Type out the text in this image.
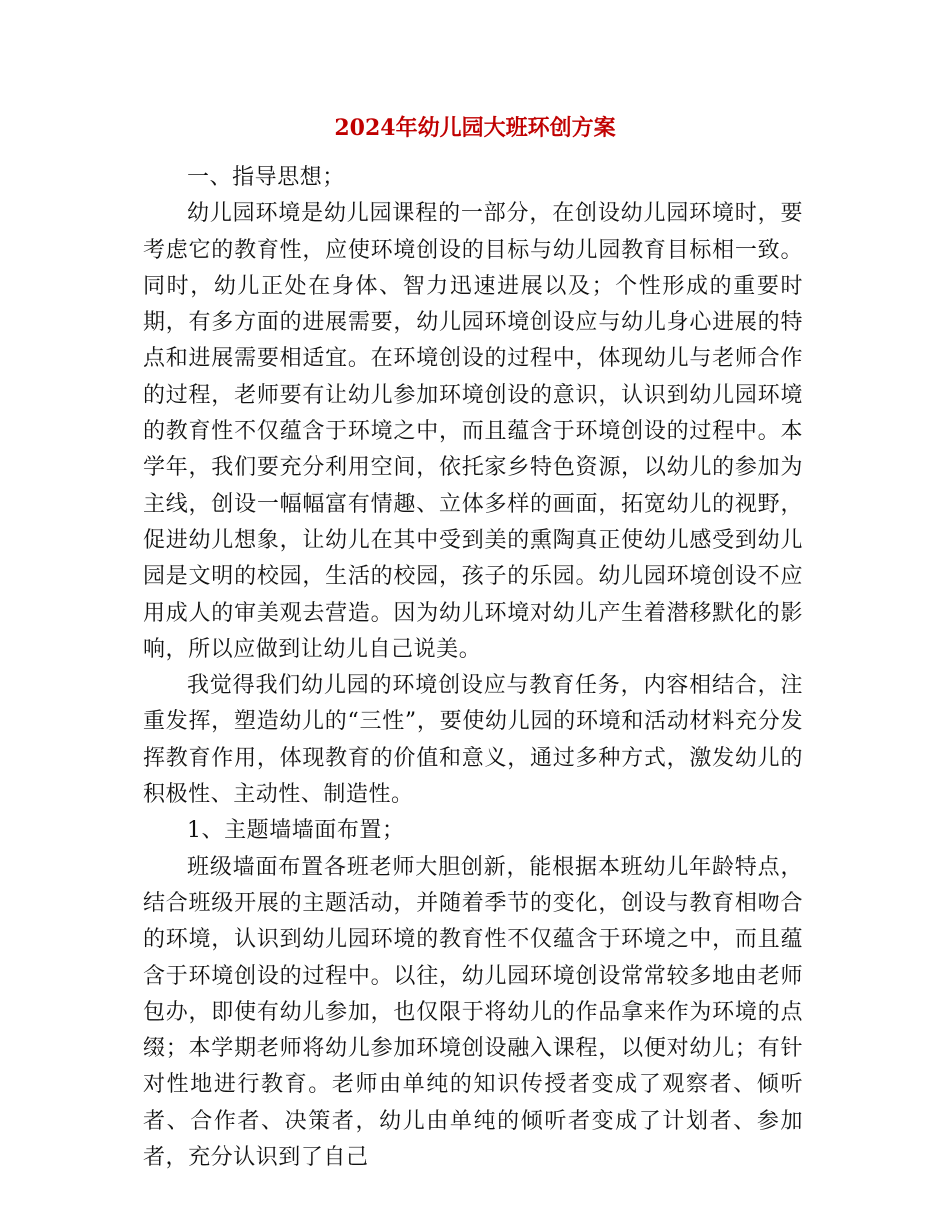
2024年幼儿园大班环创方案

一、指导思想；

幼儿园环境是幼儿园课程的一部分，在创设幼儿园环境时，要考虑它的教育性，应使环境创设的目标与幼儿园教育目标相一致。同时，幼儿正处在身体、智力迅速进展以及；个性形成的重要时期，有多方面的进展需要，幼儿园环境创设应与幼儿身心进展的特点和进展需要相适宜。在环境创设的过程中，体现幼儿与老师合作的过程，老师要有让幼儿参加环境创设的意识，认识到幼儿园环境的教育性不仅蕴含于环境之中，而且蕴含于环境创设的过程中。本学年，我们要充分利用空间，依托家乡特色资源，以幼儿的参加为主线，创设一幅幅富有情趣、立体多样的画面，拓宽幼儿的视野，促进幼儿想象，让幼儿在其中受到美的熏陶真正使幼儿感受到幼儿园是文明的校园，生活的校园，孩子的乐园。幼儿园环境创设不应用成人的审美观去营造。因为幼儿环境对幼儿产生着潜移默化的影响，所以应做到让幼儿自己说美。

我觉得我们幼儿园的环境创设应与教育任务，内容相结合，注重发挥，塑造幼儿的“三性”，要使幼儿园的环境和活动材料充分发挥教育作用，体现教育的价值和意义，通过多种方式，激发幼儿的积极性、主动性、制造性。

1、主题墙墙面布置；

班级墙面布置各班老师大胆创新，能根据本班幼儿年龄特点，结合班级开展的主题活动，并随着季节的变化，创设与教育相吻合的环境，认识到幼儿园环境的教育性不仅蕴含于环境之中，而且蕴含于环境创设的过程中。以往，幼儿园环境创设常常较多地由老师包办，即使有幼儿参加，也仅限于将幼儿的作品拿来作为环境的点缀；本学期老师将幼儿参加环境创设融入课程，以便对幼儿；有针对性地进行教育。老师由单纯的知识传授者变成了观察者、倾听者、合作者、决策者，幼儿由单纯的倾听者变成了计划者、参加者，充分认识到了自己
